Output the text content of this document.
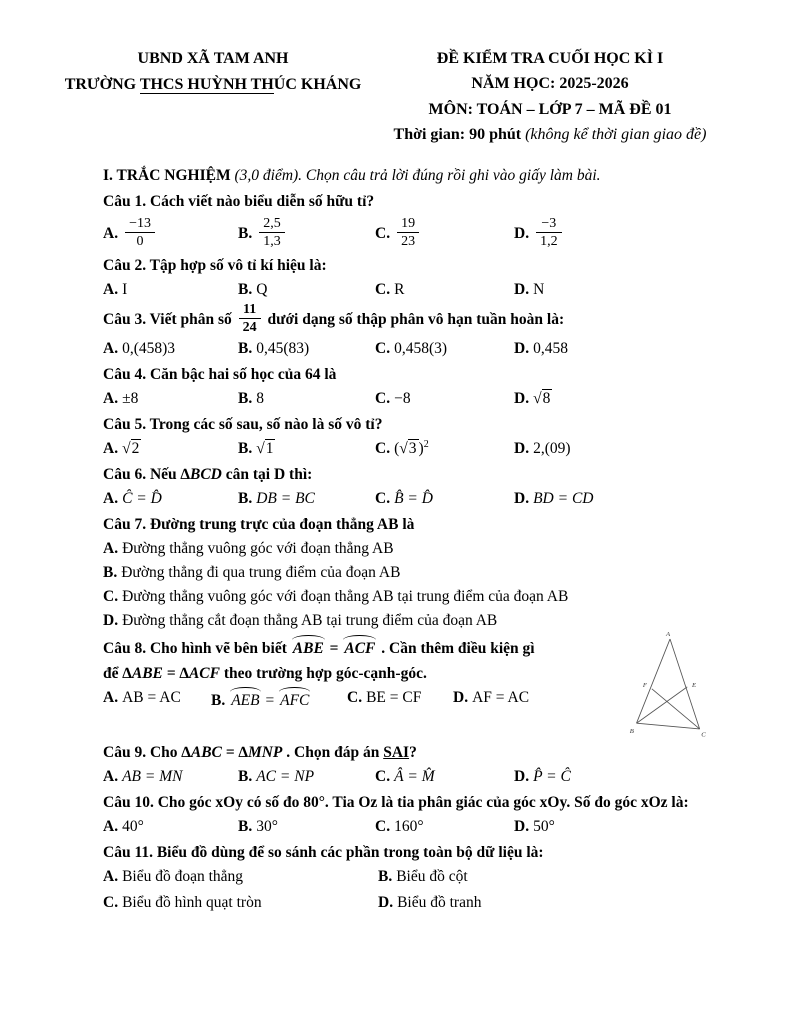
UBND XÃ TAM ANH
TRƯỜNG THCS HUỲNH THÚC KHÁNG
ĐỀ KIỂM TRA CUỐI HỌC KÌ I
NĂM HỌC: 2025-2026
MÔN: TOÁN – LỚP 7 – MÃ ĐỀ 01
Thời gian: 90 phút (không kể thời gian giao đề)

I. TRẮC NGHIỆM (3,0 điểm). Chọn câu trả lời đúng rồi ghi vào giấy làm bài.

Câu 1. Cách viết nào biểu diễn số hữu tỉ?

A. $\frac{-13}{0}$	B. $\frac{2,5}{1,3}$	C. $\frac{19}{23}$	D. $\frac{-3}{1,2}$

Câu 2. Tập hợp số vô tỉ kí hiệu là:

A. I	B. Q	C. R	D. N

Câu 3. Viết phân số $\frac{11}{24}$ dưới dạng số thập phân vô hạn tuần hoàn là:

A. 0,(458)3	B. 0,45(83)	C. 0,458(3)	D. 0,458

Câu 4. Căn bậc hai số học của 64 là

A. ±8	B. 8	C. −8	D. √ 8

Câu 5. Trong các số sau, số nào là số vô tỉ?

A. √ 2	B. √ 1	C. ( √ 3 )$^2$	D. 2,(09)

Câu 6. Nếu ∆BCD cân tại D thì:

A. Ĉ = D̂	B. DB = BC	C. B̂ = D̂	D. BD = CD

Câu 7. Đường trung trực của đoạn thẳng AB là

A. Đường thẳng vuông góc với đoạn thẳng AB

B. Đường thẳng đi qua trung điểm của đoạn AB

C. Đường thẳng vuông góc với đoạn thẳng AB tại trung điểm của đoạn AB

D. Đường thẳng cắt đoạn thẳng AB tại trung điểm của đoạn AB

Câu 8. Cho hình vẽ bên biết ABE = ACF . Cần thêm điều kiện gì

để ∆ABE = ∆ACF theo trường hợp góc-cạnh-góc.

A. AB = AC	B. AEB = AFC	C. BE = CF	D. AF = AC
A
B
C
E
F

Câu 9. Cho ∆ABC = ∆MNP . Chọn đáp án SAI?

A. AB = MN	B. AC = NP	C. Â = M̂	D. P̂ = Ĉ

Câu 10. Cho góc xOy có số đo 80°. Tia Oz là tia phân giác của góc xOy. Số đo góc xOz là:

A. 40°	B. 30°	C. 160°	D. 50°

Câu 11. Biểu đồ dùng để so sánh các phần trong toàn bộ dữ liệu là:

A. Biểu đồ đoạn thẳng	B. Biểu đồ cột
C. Biểu đồ hình quạt tròn	D. Biểu đồ tranh
